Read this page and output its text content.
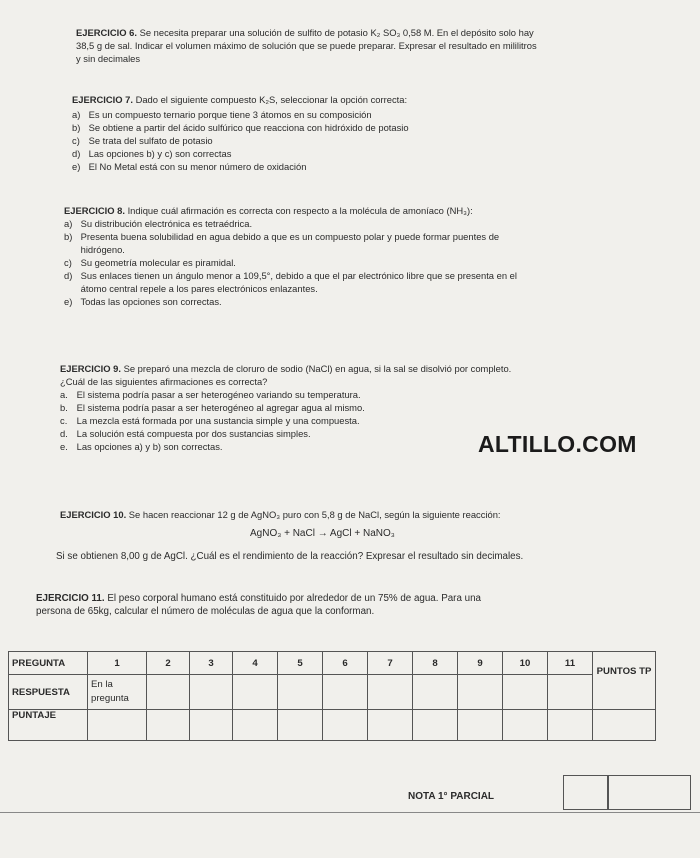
EJERCICIO 6. Se necesita preparar una solución de sulfito de potasio K₂ SO₃ 0,58 M. En el depósito solo hay
38,5 g de sal. Indicar el volumen máximo de solución que se puede preparar. Expresar el resultado en mililitros
y sin decimales
EJERCICIO 7. Dado el siguiente compuesto K₂S, seleccionar la opción correcta:
a) Es un compuesto ternario porque tiene 3 átomos en su composición
b) Se obtiene a partir del ácido sulfúrico que reacciona con hidróxido de potasio
c) Se trata del sulfato de potasio
d) Las opciones b) y c) son correctas
e) El No Metal está con su menor número de oxidación
EJERCICIO 8. Indique cuál afirmación es correcta con respecto a la molécula de amoníaco (NH₃):
a) Su distribución electrónica es tetraédrica.
b) Presenta buena solubilidad en agua debido a que es un compuesto polar y puede formar puentes de
hidrógeno.
c) Su geometría molecular es piramidal.
d) Sus enlaces tienen un ángulo menor a 109,5°, debido a que el par electrónico libre que se presenta en el
átomo central repele a los pares electrónicos enlazantes.
e) Todas las opciones son correctas.
EJERCICIO 9. Se preparó una mezcla de cloruro de sodio (NaCl) en agua, si la sal se disolvió por completo.
¿Cuál de las siguientes afirmaciones es correcta?
a. El sistema podría pasar a ser heterogéneo variando su temperatura.
b. El sistema podría pasar a ser heterogéneo al agregar agua al mismo.
c. La mezcla está formada por una sustancia simple y una compuesta.
d. La solución está compuesta por dos sustancias simples.
e. Las opciones a) y b) son correctas.	ALTILLO.COM
EJERCICIO 10. Se hacen reaccionar 12 g de AgNO₃ puro con 5,8 g de NaCl, según la siguiente reacción:
AgNO₃ + NaCl → AgCl + NaNO₃
Si se obtienen 8,00 g de AgCl. ¿Cuál es el rendimiento de la reacción? Expresar el resultado sin decimales.
EJERCICIO 11. El peso corporal humano está constituido por alrededor de un 75% de agua. Para una
persona de 65kg, calcular el número de moléculas de agua que la conforman.
PREGUNTA	1	2	3	4	5	6	7	8	9	10	11	PUNTOS TP
RESPUESTA	En la pregunta											
PUNTAJE												
NOTA 1° PARCIAL
